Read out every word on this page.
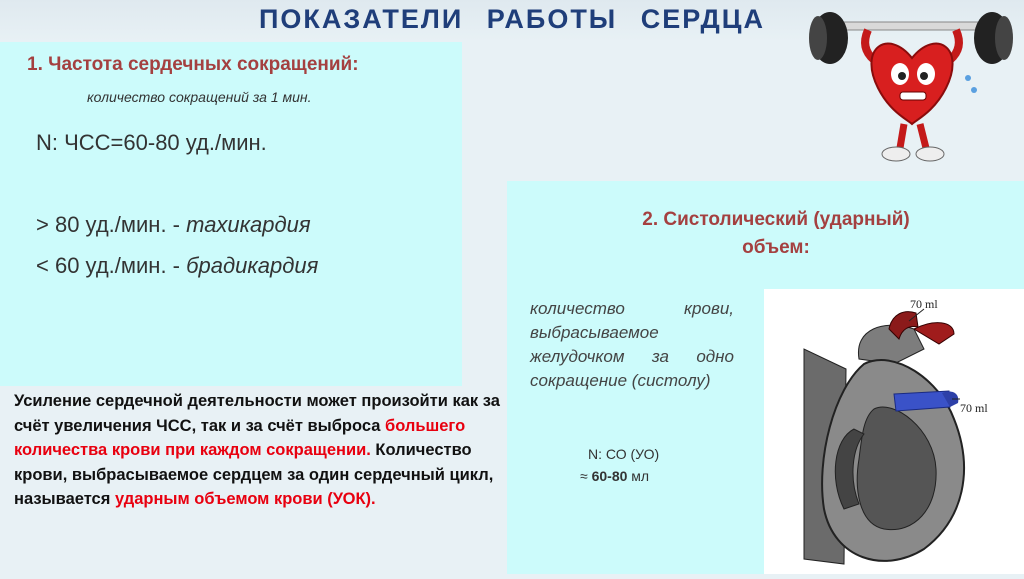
ПОКАЗАТЕЛИ РАБОТЫ СЕРДЦА
1. Частота сердечных сокращений:
количество сокращений за 1 мин.
N: ЧСС=60-80 уд./мин.
> 80 уд./мин. - тахикардия
< 60 уд./мин. - брадикардия
2. Систолический (ударный)
объем:
количество крови, выбрасываемое желудочком за одно сокращение (систолу)
N: СО (УО)
≈ 60-80 мл
70 ml
70 ml
Усиление сердечной деятельности может произойти как за счёт увеличения ЧСС, так и за счёт выброса большего количества крови при каждом сокращении. Количество крови, выбрасываемое сердцем за один сердечный цикл, называется ударным объемом крови (УОК).
